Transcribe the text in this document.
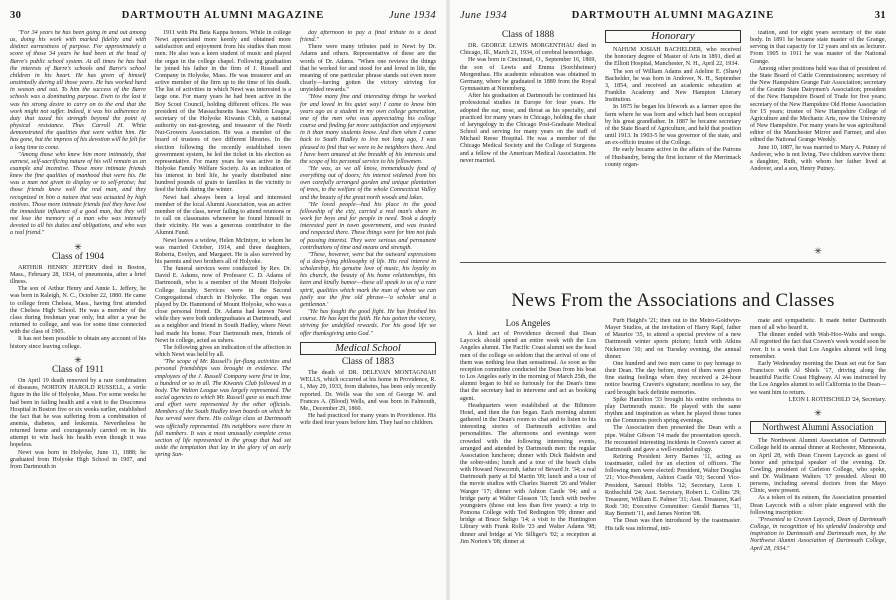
30	DARTMOUTH ALUMNI MAGAZINE	June 1934

"For 34 years he has been going in and out among us, doing his work with marked fidelity and with distinct earnestness of purpose. For approximately a score of those 34 years he had been at the head of Barre's public school system. At all times he has had the interests of Barre's schools and Barre's school children in his heart. He has given of himself unstintedly during all those years. He has worked hard in season and out. To him the success of the Barre schools was a dominating purpose. Even to the last it was his strong desire to carry on to the end that the work might not suffer. Indeed, it was his adherence to duty that taxed his strength beyond the point of physical resistance. Thus Carroll H. White demonstrated the qualities that were within him. He has gone, but the impress of his devotion will be felt for a long time to come.

"Among those who knew him more intimately, that earnest, self-sacrificing nature of his will remain as an example and incentive. Those more intimate friends knew the fine qualities of manhood that were his. He was a man not given to display or to self-praise; but those friends knew well the real man, and they recognized in him a nature that was actuated by high motives. Those more intimate friends feel they have lost the immediate influence of a good man, but they will not lose the memory of a man who was intensely devoted to all his duties and obligations, and who was a real friend."

✳
Class of 1904

ARTHUR HENRY JEFFERY died in Boston, Mass., February 28, 1934, of pneumonia, after a brief illness.

The son of Arthur Henry and Annie L. Jeffery, he was born in Raleigh, N. C., October 22, 1880. He came to college from Chelsea, Mass., having first attended the Chelsea High School. He was a member of the class during freshman year only, but after a year he returned to college, and was for some time connected with the class of 1905.

It has not been possible to obtain any account of his history since leaving college.

✳
Class of 1911

On April 19 death removed by a rare combination of diseases, NORTON HAROLD RUSSELL, a virile figure in the life of Holyoke, Mass. For some weeks he had been in failing health and a visit to the Deaconess Hospital in Boston five or six weeks earlier, established the fact that he was suffering from a combination of anemia, diabetes, and leukemia. Nevertheless he returned home and courageously carried on in his attempt to win back his health even though it was hopeless.

Newt was born in Holyoke, June 11, 1888; he graduated from Holyoke High School in 1907, and from Dartmouth in

1911 with Phi Beta Kappa honors. While in college Newt appreciated more keenly and obtained more satisfaction and enjoyment from his studies than most men. He also was a keen student of music and played the organ in the college chapel. Following graduation he joined his father in the firm of J. Russell and Company in Holyoke, Mass. He was treasurer and an active member of the firm up to the time of his death. The list of activities in which Newt was interested is a large one. For many years he had been active in the Boy Scout Council, holding different offices. He was president of the Massachusetts Isaac Walton League, secretary of the Holyoke Kiwanis Club, a national authority on nut-growing, and treasurer of the North Nut-Growers Association. He was a member of the board of trustees of two different libraries. In the election following the recently established town government system, he led the ticket in his election as representative. For many years he was active in the Holyoke Family Welfare Society. As an indication of his interest in bird life, he yearly distributed nine hundred pounds of grain to families in the vicinity to feed the birds during the winter.

Newt had always been a loyal and interested member of the local Alumni Association, was an active member of the class, never failing to attend reunions or to call on classmates whenever he found himself in their vicinity. He was a generous contributor to the Alumni Fund.

Newt leaves a widow, Helen McIntyre, to whom he was married October, 1914, and three daughters, Roberta, Evelyn, and Margaret. He is also survived by his parents and two brothers all of Holyoke.

The funeral services were conducted by Rev. Dr. David E. Adams, now of Professor C. D. Adams of Dartmouth, who is a member of the Mount Holyoke College faculty. Services were in the Second Congregational church in Holyoke. The organ was played by Dr. Hammond of Mount Holyoke, who was a close personal friend. Dr. Adams had known Newt while they were both undergraduates at Dartmouth, and as a neighbor and friend in South Hadley, where Newt had made his home. Four Dartmouth men, friends of Newt in college, acted as ushers.

The following gives an indication of the affection in which Newt was held by all.

"The scope of Mr. Russell's far-flung activities and personal friendships was brought in evidence. The employees of the J. Russell Company were first in line, a hundred or so in all. The Kiwanis Club followed in a body. The Walton League was largely represented. The social agencies to which Mr. Russell gave so much time and effort were represented by the other officials. Members of the South Hadley town boards on which he has served were there. His college class at Dartmouth was officially represented. His neighbors were there in full numbers. It was a most unusually complete cross section of life represented in the group that had set aside the temptation that lay in the glory of an early spring Sun-

day afternoon to pay a final tribute to a dead friend."

There were many tributes paid to Newt by Dr. Adams and others. Representative of these are the words of Dr. Adams. "When one reviews the things that he worked for and stood for and loved in life, the meaning of one particular phrase stands out even more clearly—having gotten the victory striving for unyielded rewards."

"How many fine and interesting things he worked for and loved in his quiet way! I came to know him years ago as a student in my own college generation, one of the men who was appreciating his college course and finding far more satisfaction and enjoyment in it than many students know. And then when I came back to South Hadley to live not long ago, I was pleased to find that we were to be neighbors there. And I have been amazed at the breadth of his interests and the scope of his personal service to his fellowmen.

"He was, as we all know, tremendously fond of everything out of doors; his interest widened from his own carefully arranged garden and unique plantation of trees, to the welfare of the whole Connecticut Valley and the beauty of the great north woods and lakes.

"He loved people—had his place in the good fellowship of the city, carried a real man's share in work for boys and for people in need. Took a deeply interested part in town government, and was trusted and respected there. These things were for him not fads of passing interest. They were serious and permanent contributions of time and means and strength.

"These, however, were but the outward expressions of a deep-lying philosophy of life. His real interest in scholarship, his genuine love of music, his loyalty to his church, the beauty of his home relationships, his keen and kindly humor—these all speak to us of a rare spirit, qualities which mark the man of whom we can justly use the fine old phrase—'a scholar and a gentleman.'

"He has fought the good fight. He has finished his course. He has kept the faith. He has gotten the victory, striving for undefiled rewards. For his good life we offer thanksgiving unto God."

Medical School
Class of 1883

The death of DR. DELEVAN MONTAGNIAH WELLS, which occurred at his home in Providence, R. I., May 29, 1933, from diabetes, has been only recently reported. Dr. Wells was the son of George W. and Frances A. (Blood) Wells, and was born in Falmouth, Me., December 29, 1860.

He had practiced for many years in Providence. His wife died four years before him. They had no children.

June 1934	DARTMOUTH ALUMNI MAGAZINE	31
Class of 1888

DR. GEORGE LEWIS MORGENTHAU died in Chicago, Ill., March 21, 1934, of cerebral hemorrhage.

He was born in Cincinnati, O., September 16, 1869, the son of Lewis and Emma (Sorchheimer) Morgenthau. His academic education was obtained in Germany, where he graduated in 1889 from the Royal Gymnasium at Nuremberg.

After his graduation at Dartmouth he continued his professional studies in Europe for four years. He adopted the ear, nose, and throat as his specialty, and practiced for many years in Chicago, holding the chair of laryngology in the Chicago Post-Graduate Medical School and serving for many years on the staff of Michael Reese Hospital. He was a member of the Chicago Medical Society and the College of Surgeons and a fellow of the American Medical Association. He never married.

Honorary

NAHUM JOSIAH BACHELDER, who received the honorary degree of Master of Arts in 1891, died at the Elliott Hospital, Manchester, N. H., April 22, 1934.

The son of William Adams and Adeline E. (Shaw) Bachelder, he was born in Andover, N. H., September 3, 1854, and received an academic education at Franklin Academy and New Hampton Literary Institution.

In 1875 he began his lifework as a farmer upon the farm where he was born and which had been occupied by his great grandfather. In 1887 he became secretary of the State Board of Agriculture, and held that position until 1913. In 1903-5 he was governor of the state, and an ex-officio trustee of the College.

He early became active in the affairs of the Patrons of Husbandry, being the first lecturer of the Merrimack county organ-

ization, and for eight years secretary of the state body. In 1891 he became state master of the Grange, serving in that capacity for 12 years and six as lecturer. From 1905 to 1911 he was master of the National Grange.

Among other positions held was that of president of the State Board of Cattle Commissioners; secretary of the New Hampshire Grange Fair Association; secretary of the Granite State Dairymen's Association; president of the New Hampshire Board of Trade for five years; secretary of the New Hampshire Old Home Association for 15 years; trustee of New Hampshire College of Agriculture and the Mechanic Arts, now the University of New Hampshire. For many years he was agricultural editor of the Manchester Mirror and Farmer, and also edited the National Grange Weekly.

June 10, 1887, he was married to Mary A. Putney of Andover, who is not living. Two children survive them: a daughter, Ruth, with whom her father lived at Andover, and a son, Henry Putney.

✳
News From the Associations and Classes
Los Angeles

A kind act of Providence decreed that Dean Laycock should spend an entire week with the Los Angeles alumni. The Pacific Coast alumni see the head men of the college so seldom that the arrival of one of them was nothing less than sensational. As soon as the reception committee conducted the Dean from his boat to Los Angeles early in the morning of March 25th, the alumni began to bid so furiously for the Dean's time that the secretary had to intervene and act as booking agent.

Headquarters were established at the Biltmore Hotel, and then the fun began. Each morning alumni gathered in the Dean's room to chat and to listen to his interesting stories of Dartmouth activities and personalities. The afternoons and evenings were crowded with the following interesting events, arranged and attended by Dartmouth men: the regular Association luncheon; dinner with Dick Baldwin and the sober-sides; lunch and a tour of the beach clubs with Howard Newcomb, father of Bevard Jr. '34; a real Dartmouth party at Ed Martin '09; lunch and a tour of the movie studios with Charles Starrett '26 and Walter Wanger '17; dinner with Ashton Castle '04; and a bridge party at Walter Gleason '15; lunch with twelve youngsters (those out less than five years): a trip to Pomona College with Ted Redington '09; dinner and bridge at Bruce Seligo '14; a visit to the Huntington Library with Frank Rolfe '23 and Walter Adams '98; dinner and bridge at Vic Silliger's '02; a reception at Jim Norton's '08; dinner at

Furb Haight's '21; then out to the Metro-Goldwyn-Mayer Studios, at the invitation of Harry Rapf, father of Maurice '35, to attend a special preview of a new Dartmouth winter sports picture; lunch with Atkins Nickerson '10; and on Tuesday evening, the annual dinner.

One hundred and two men came to pay homage to their Dean. The day before, most of them were given fine stating feelings when they received a 24-hour notice bearing Craven's signature; needless to say, the card brought back definite memories.

Spike Hamilton '33 brought his entire orchestra to play Dartmouth music. He played with the same rhythm and inspiration as when he played those tunes on the Commons porch spring evenings.

The Association then presented the Dean with a pipe. Walter Gibson '14 made the presentation speech. He recounted interesting incidents in Craven's career at Dartmouth and gave a well-rounded eulogy.

Retiring President Jerry Barnes '11, acting as toastmaster, called for an election of officers. The following men were elected: President, Walter Douglas '21; Vice-President, Ashton Castle '03; Second Vice-President, Samuel Hobbs '12; Secretary, Leon I. Rothschild '24; Asst. Secretary, Robert L. Collins '29; Treasurer, William E. Palmer '31; Asst. Treasurer, Karl Rodi '30; Executive Committee: Gerald Barnes '11, Ray Bennett '11, and James Norton '08.

The Dean was then introduced by the toastmaster. His talk was informal, inti-

mate and sympathetic. It made better Dartmouth men of all who heard it.

The dinner ended with Wah-Hoo-Wahs and songs. All regretted the fact that Craven's week would soon be over. It is a week that Los Angeles alumni will long remember.

Early Wednesday morning the Dean set out for San Francisco with Al Shiels '17, driving along the beautiful Pacific Coast Highway. Al was instructed by the Los Angeles alumni to sell California to the Dean—we want him to return.

LEON I. ROTHSCHILD '24, Secretary.

✳
Northwest Alumni Association

The Northwest Alumni Association of Dartmouth College held its annual dinner at Rochester, Minnesota, on April 28, with Dean Craven Laycock as guest of honor and principal speaker of the evening. Dr. Cowling, president of Carleton College, who spoke, and Dr. Wallmann Walters '17 presided. About 80 persons, including several doctors from the Mayo Clinic, were present.

As a token of its esteem, the Association presented Dean Laycock with a silver plate engraved with the following inscription:

"Presented to Craven Laycock, Dean of Dartmouth College, in recognition of his splendid leadership and inspiration to Dartmouth and Dartmouth men, by the Northwest Alumni Association of Dartmouth College, April 28, 1934."
